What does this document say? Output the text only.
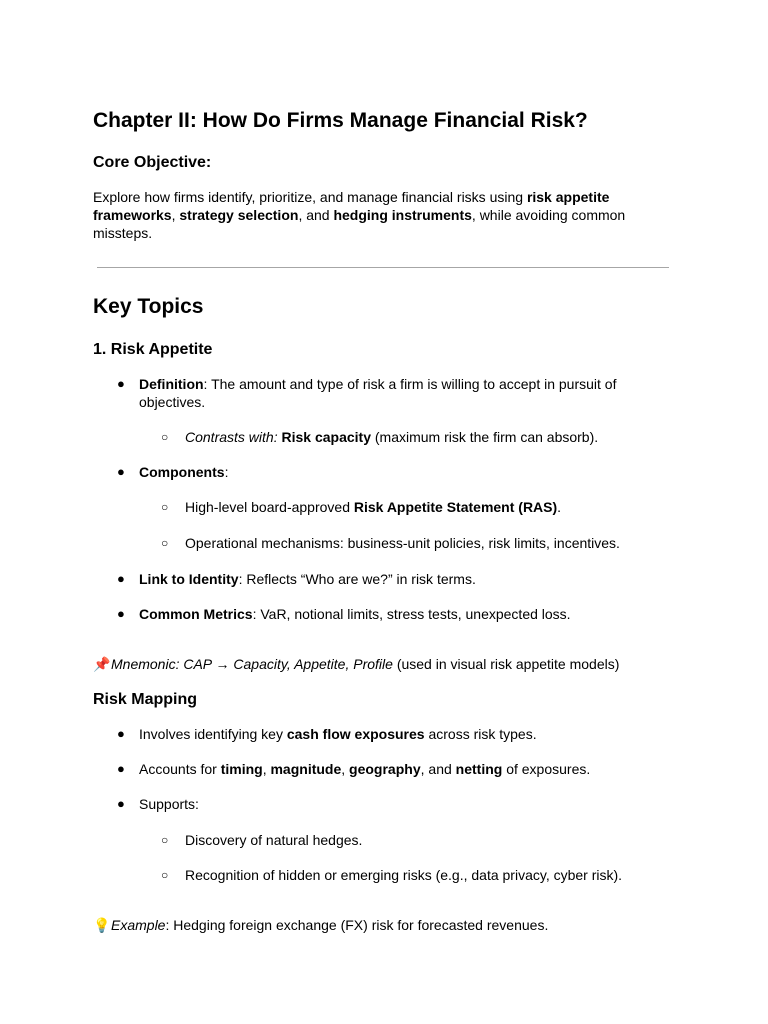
Chapter II: How Do Firms Manage Financial Risk?
Core Objective:

Explore how firms identify, prioritize, and manage financial risks using risk appetite frameworks, strategy selection, and hedging instruments, while avoiding common missteps.

Key Topics
1. Risk Appetite
● Definition: The amount and type of risk a firm is willing to accept in pursuit of objectives.

○ Contrasts with: Risk capacity (maximum risk the firm can absorb).

● Components:

○ High-level board-approved Risk Appetite Statement (RAS).

○ Operational mechanisms: business-unit policies, risk limits, incentives.

● Link to Identity: Reflects “Who are we?” in risk terms.

● Common Metrics: VaR, notional limits, stress tests, unexpected loss.

📌Mnemonic: CAP → Capacity, Appetite, Profile (used in visual risk appetite models)

Risk Mapping
● Involves identifying key cash flow exposures across risk types.

● Accounts for timing, magnitude, geography, and netting of exposures.

● Supports:

○ Discovery of natural hedges.

○ Recognition of hidden or emerging risks (e.g., data privacy, cyber risk).

💡Example: Hedging foreign exchange (FX) risk for forecasted revenues.
